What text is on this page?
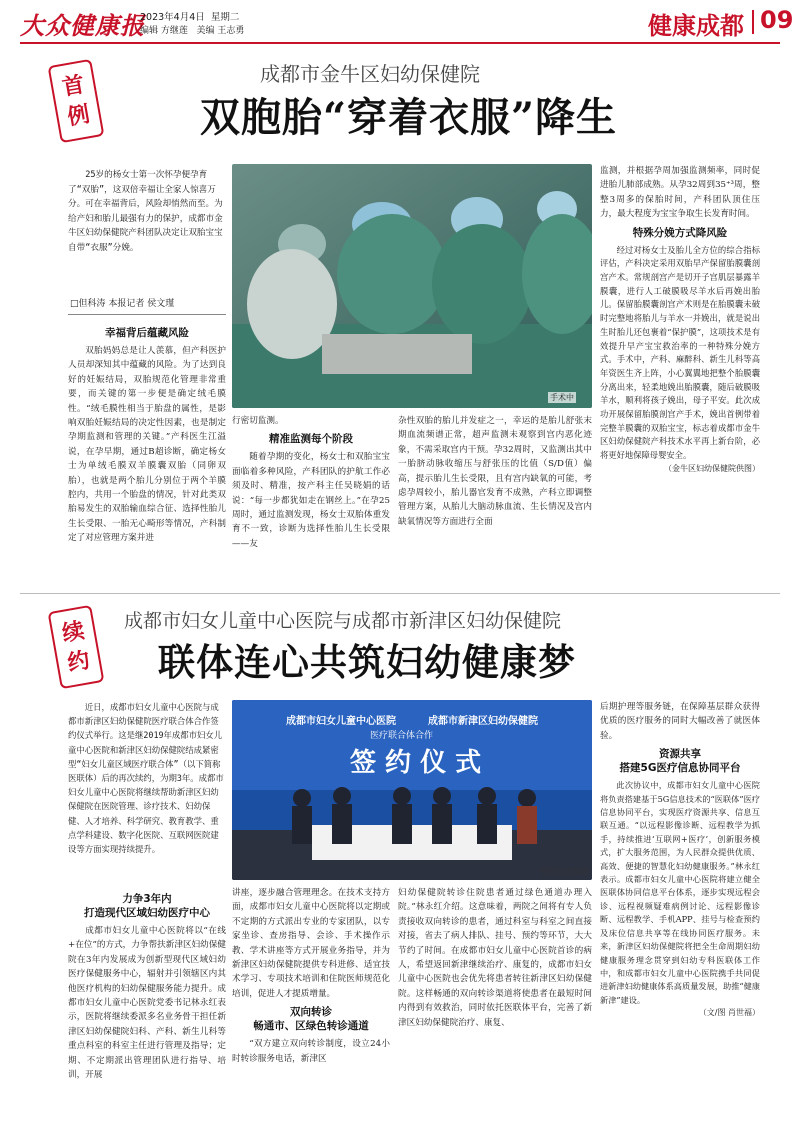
大众健康报
2023年4月4日 星期二
编辑 方继莲 美编 王志勇	健康成都 09
首
例
成都市金牛区妇幼保健院
双胞胎“穿着衣服”降生
25岁的杨女士第一次怀孕便孕育了“双胎”，这双倍幸福让全家人惊喜万分。可在幸福背后，风险却悄然而至。为给产妇和胎儿最强有力的保护，成都市金牛区妇幼保健院产科团队决定让双胎宝宝自带“衣服”分娩。
□但科涛 本报记者 侯文瑾
幸福背后蕴藏风险

双胎妈妈总是让人羡慕，但产科医护人员却深知其中蕴藏的风险。为了达到良好的妊娠结局，双胎规范化管理非常重要，而关键的第一步便是确定绒毛膜性。“绒毛膜性相当于胎盘的属性，是影响双胎妊娠结局的决定性因素，也是制定孕期监测和管理的关键。”产科医生江溢说，在孕早期，通过B超诊断，确定杨女士为单绒毛膜双羊膜囊双胎（同卵双胎），也就是两个胎儿分别位于两个羊膜腔内，共用一个胎盘的情况，针对此类双胎易发生的双胎输血综合征、选择性胎儿生长受限、一胎无心畸形等情况，产科制定了对应管理方案并进

手术中

行密切监测。

精准监测每个阶段

随着孕期的变化，杨女士和双胎宝宝面临着多种风险，产科团队的护航工作必须及时、精准，按产科主任吴晓娟的话说：“每一步都犹如走在钢丝上。”在孕25周时，通过监测发现，杨女士双胎体重发育不一致，诊断为选择性胎儿生长受限——友

杂性双胎的胎儿并发症之一，幸运的是胎儿舒张末期血流频谱正常，超声监测未观察到宫内恶化迹象，不需采取宫内干预。孕32周时，又监测出其中一胎脐动脉收缩压与舒张压的比值（S/D值）偏高，提示胎儿生长受限，且有宫内缺氧的可能，考虑孕周较小，胎儿器官发育不成熟，产科立即调整管理方案，从胎儿大脑动脉血流、生长情况及宫内缺氧情况等方面进行全面

监测，并根据孕周加强监测频率，同时促进胎儿肺部成熟。从孕32周到35⁺³周，整整3周多的保胎时间，产科团队顶住压力，最大程度为宝宝争取生长发育时间。

特殊分娩方式降风险

经过对杨女士及胎儿全方位的综合指标评估，产科决定采用双胎早产保留胎膜囊剖宫产术。常规剖宫产是切开子宫肌层暴露羊膜囊，进行人工破膜吸尽羊水后再娩出胎儿。保留胎膜囊剖宫产术则是在胎膜囊未破时完整地将胎儿与羊水一并娩出，就是说出生时胎儿还包裹着“保护膜”，这项技术是有效提升早产宝宝救治率的一种特殊分娩方式。手术中，产科、麻醉科、新生儿科等高年资医生齐上阵，小心翼翼地把整个胎膜囊分离出来，轻柔地娩出胎膜囊，随后破膜吸羊水，顺利将孩子娩出，母子平安。此次成功开展保留胎膜剖宫产手术，娩出首例带着完整羊膜囊的双胎宝宝，标志着成都市金牛区妇幼保健院产科技术水平再上新台阶，必将更好地保障母婴安全。

（金牛区妇幼保健院供图）
续
约
成都市妇女儿童中心医院与成都市新津区妇幼保健院
联体连心共筑妇幼健康梦
近日，成都市妇女儿童中心医院与成都市新津区妇幼保健院医疗联合体合作签约仪式举行。这是继2019年成都市妇女儿童中心医院和新津区妇幼保健院结成紧密型“妇女儿童区域医疗联合体”（以下简称医联体）后的再次续约，为期3年。成都市妇女儿童中心医院将继续帮助新津区妇幼保健院在医院管理、诊疗技术、妇幼保健、人才培养、科学研究、教育教学、重点学科建设、数字化医院、互联网医院建设等方面实现持续提升。
力争3年内
打造现代区域妇幼医疗中心

成都市妇女儿童中心医院将以“在线+在位”的方式，力争帮扶新津区妇幼保健院在3年内发展成为创新型现代区域妇幼医疗保健服务中心，辐射并引领辖区内其他医疗机构的妇幼保健服务能力提升。成都市妇女儿童中心医院党委书记林永红表示，医院将继续委派多名业务骨干担任新津区妇幼保健院妇科、产科、新生儿科等重点科室的科室主任进行管理及指导；定期、不定期派出管理团队进行指导、培训，开展

成都市妇女儿童中心医院	成都市新津区妇幼保健院
医疗联合体合作
签 约 仪 式
签约仪式现场

讲座，逐步融合管理理念。在技术支持方面，成都市妇女儿童中心医院将以定期或不定期的方式派出专业的专家团队，以专家坐诊、查房指导、会诊、手术操作示教、学术讲座等方式开展业务指导，并为新津区妇幼保健院提供专科进修、适宜技术学习、专项技术培训和住院医师规范化培训，促进人才提质增量。

双向转诊
畅通市、区绿色转诊通道

“双方建立双向转诊制度，设立24小时转诊服务电话，新津区

妇幼保健院转诊住院患者通过绿色通道办理入院。”林永红介绍。这意味着，两院之间将有专人负责接收双向转诊的患者，通过科室与科室之间直接对接，省去了病人排队、挂号、预约等环节，大大节约了时间。在成都市妇女儿童中心医院首诊的病人，希望返回新津继续治疗、康复的，成都市妇女儿童中心医院也会优先将患者转往新津区妇幼保健院。这样畅通的双向转诊渠道将使患者在最短时间内得到有效救治，同时依托医联体平台，完善了新津区妇幼保健院治疗、康复、

后期护理等服务链，在保障基层群众获得优质的医疗服务的同时大幅改善了就医体验。

资源共享
搭建5G医疗信息协同平台

此次协议中，成都市妇女儿童中心医院将负责搭建基于5G信息技术的“医联体”医疗信息协同平台，实现医疗资源共享、信息互联互通。“以远程影像诊断、远程教学为抓手，持续推进‘互联网+医疗’，创新服务模式，扩大服务范围，为人民群众提供优质、高效、便捷的智慧化妇幼健康服务。”林永红表示。成都市妇女儿童中心医院将建立健全医联体协同信息平台体系，逐步实现远程会诊、远程视频疑难病例讨论、远程影像诊断、远程教学、手机APP、挂号与检查预约及床位信息共享等在线协同医疗服务。未来，新津区妇幼保健院将把全生命周期妇幼健康服务理念贯穿到妇幼专科医联体工作中，和成都市妇女儿童中心医院携手共同促进新津妇幼健康体系高质量发展，助推“健康新津”建设。

（文/图 肖世福）
